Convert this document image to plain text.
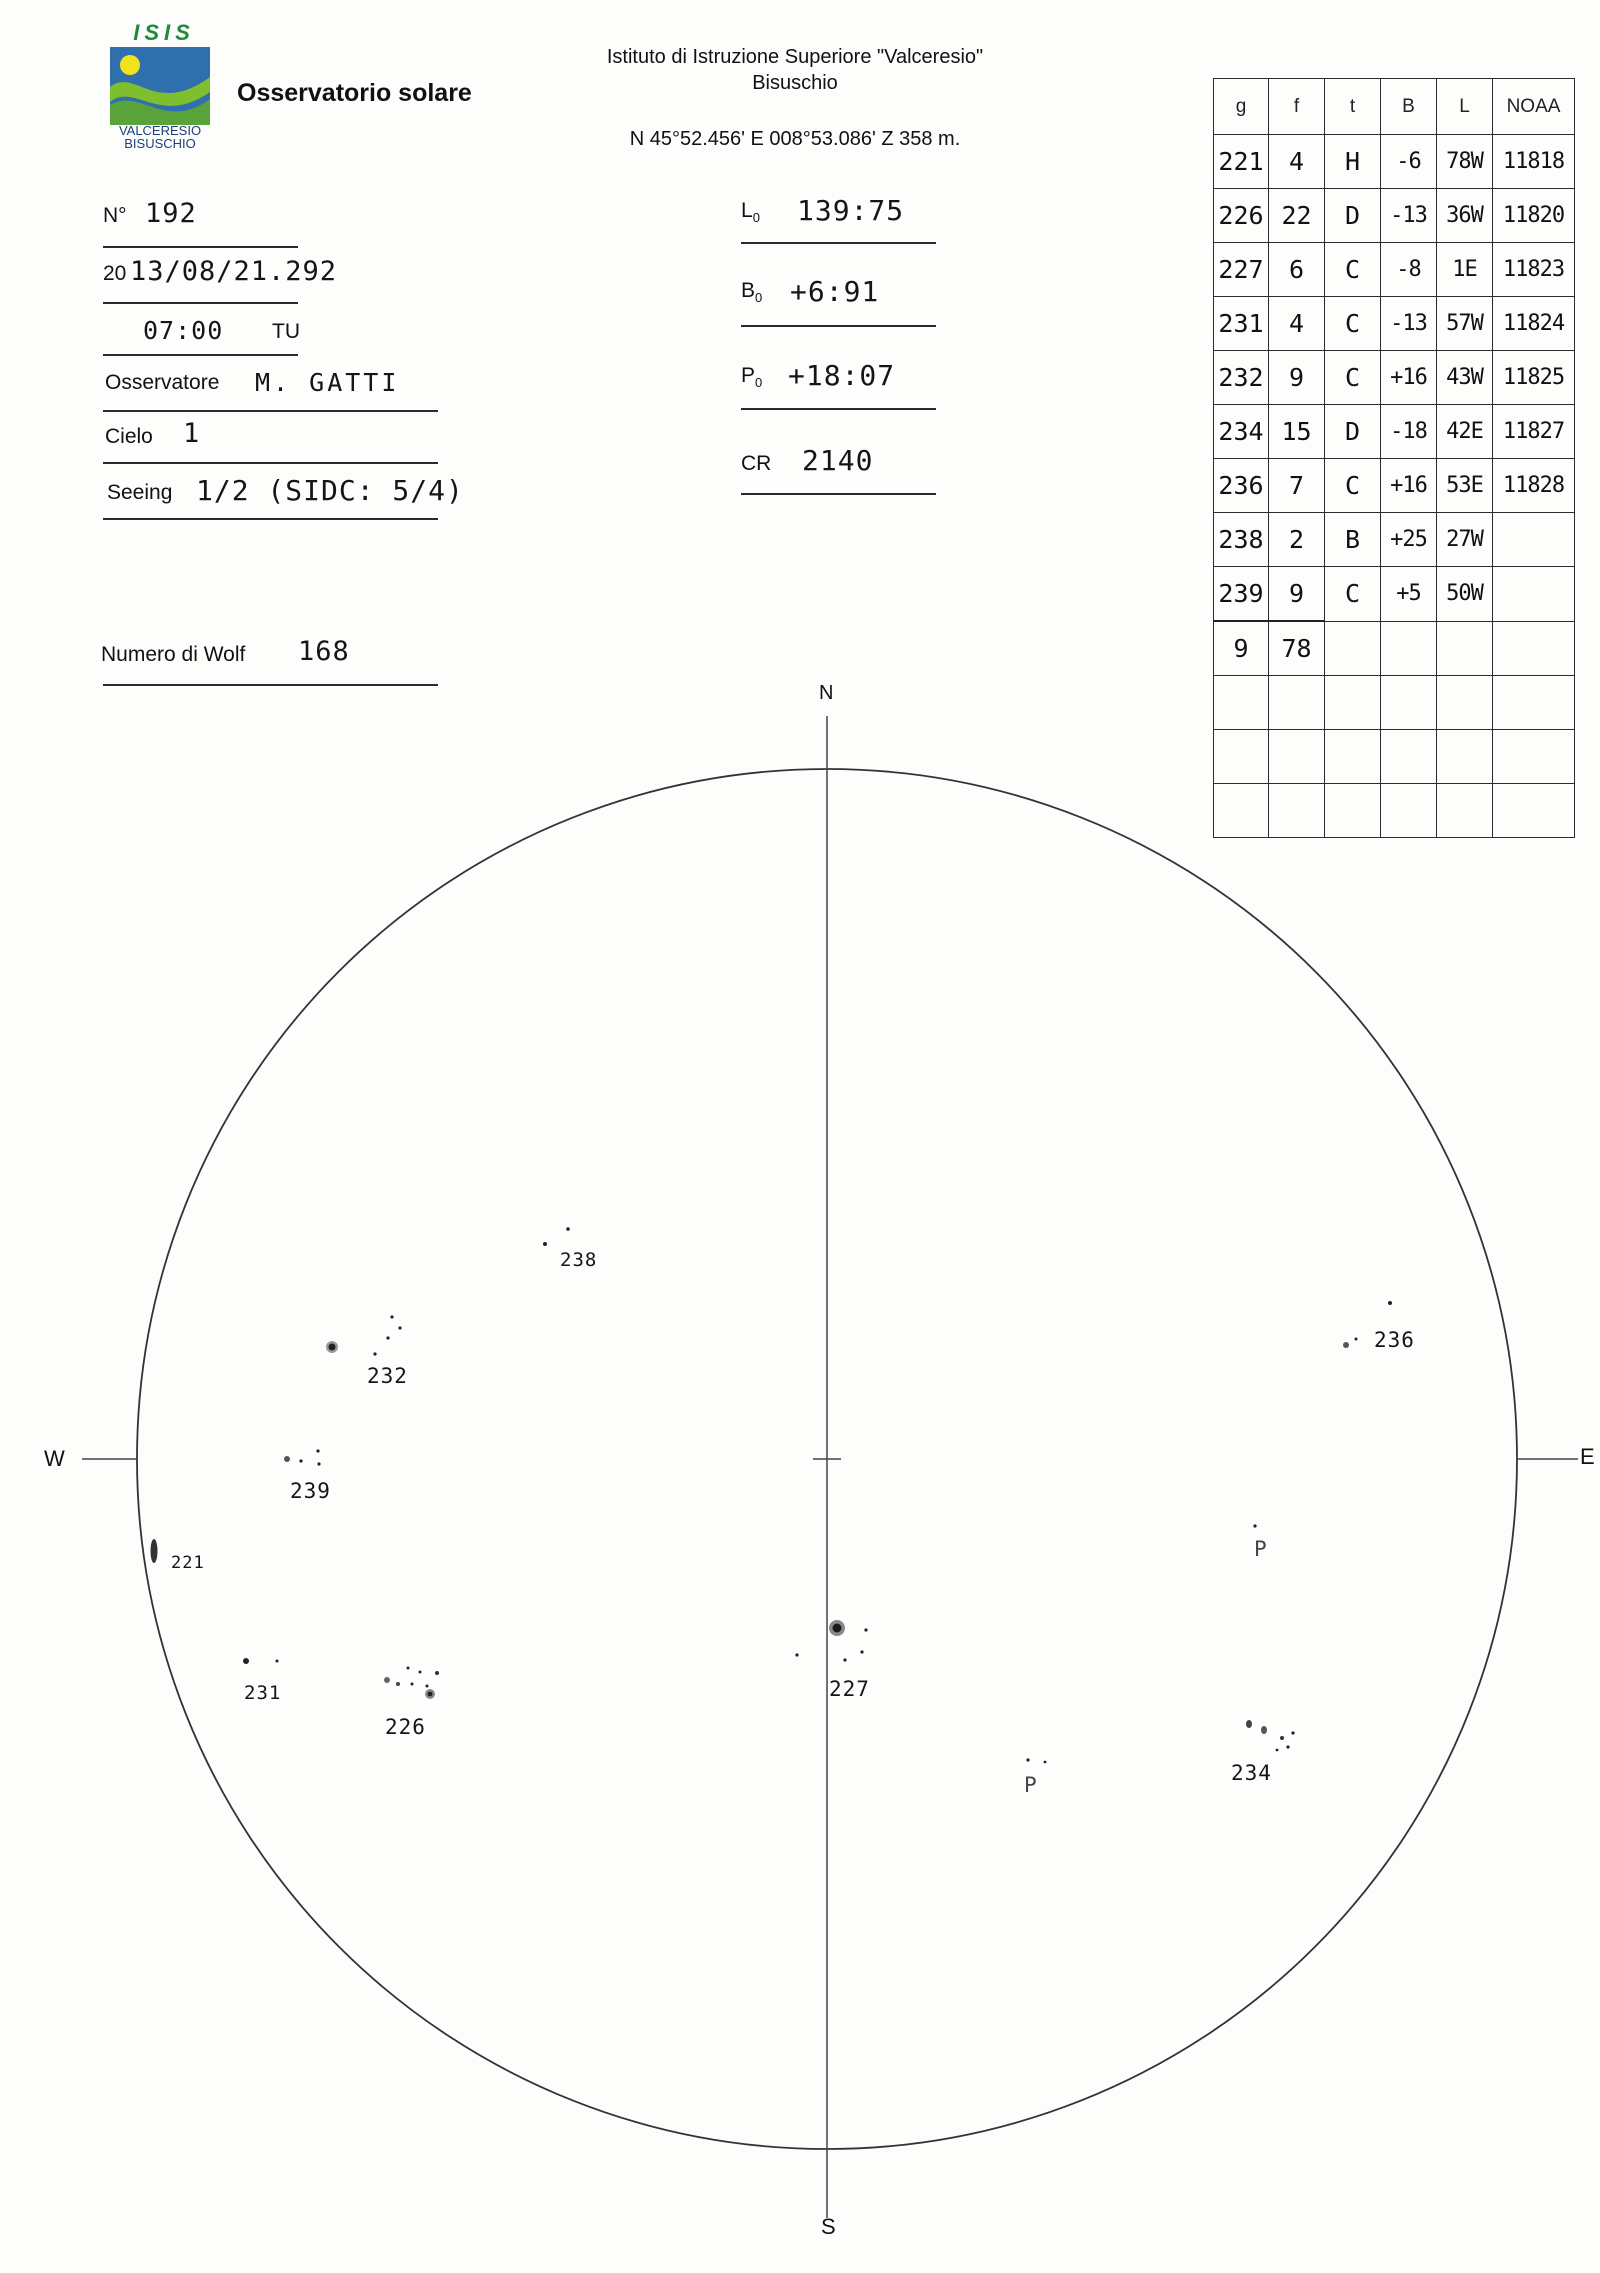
ISIS
VALCERESIO
BISUSCHIO
Osservatorio solare
Istituto di Istruzione Superiore "Valceresio"
Bisuschio
N 45°52.456' E 008°53.086' Z 358 m.
N° 192
20 13/08/21.292
07:00 TU
Osservatore M. GATTI
Cielo 1
Seeing 1/2 (SIDC: 5/4)
Numero di Wolf 168
$L_0$ 139:75
$B_0$ +6:91
$P_0$ +18:07
CR 2140
g	f	t	B	L	NOAA
221	4	H	-6	78W	11818
226	22	D	-13	36W	11820
227	6	C	-8	1E	11823
231	4	C	-13	57W	11824
232	9	C	+16	43W	11825
234	15	D	-18	42E	11827
236	7	C	+16	53E	11828
238	2	B	+25	27W	
239	9	C	+5	50W	
9	78				

N
S
W	E
238
232
239
221
231
226
227
236
234
P
P
